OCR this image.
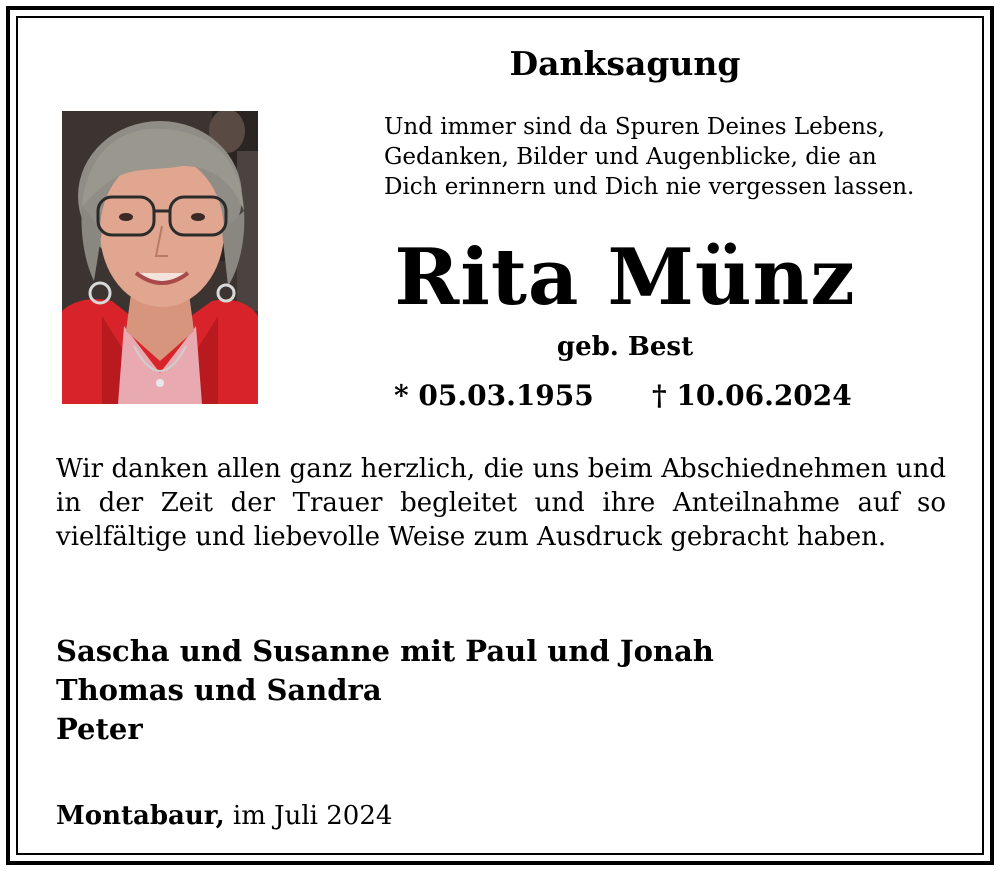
Danksagung

Und immer sind da Spuren Deines Lebens,
Gedanken, Bilder und Augenblicke, die an
Dich erinnern und Dich nie vergessen lassen.

Rita Münz
geb. Best
* 05.03.1955 † 10.06.2024

Wir danken allen ganz herzlich, die uns beim Abschiednehmen und in der Zeit der Trauer begleitet und ihre Anteilnahme auf so vielfältige und liebevolle Weise zum Ausdruck gebracht haben.

Sascha und Susanne mit Paul und Jonah
Thomas und Sandra
Peter
Montabaur, im Juli 2024
